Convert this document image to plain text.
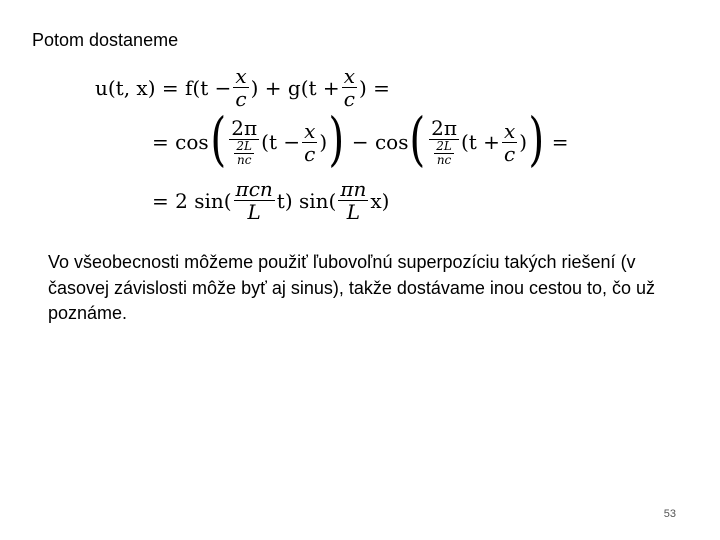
Potom dostaneme
u(t, $x) = f(t - \frac{x}{c}$ ) + $g(t + \frac{x}{c}$ ) =
= cos ( $\frac{2\pi}{\frac{2L}{nc}} (t - \frac{x}{c}$ ) ) − cos ( $\frac{2\pi}{\frac{2L}{nc}} (t + \frac{x}{c}$ ) ) =
= 2 $\sin( \frac{\text{πcn}}{L} t)$ $\sin( \frac{\pi n}{L} x)$
Vo všeobecnosti môžeme použiť ľubovoľnú superpozíciu takých riešení (v časovej závislosti môže byť aj sinus), takže dostávame inou cestou to, čo už poznáme.
53
